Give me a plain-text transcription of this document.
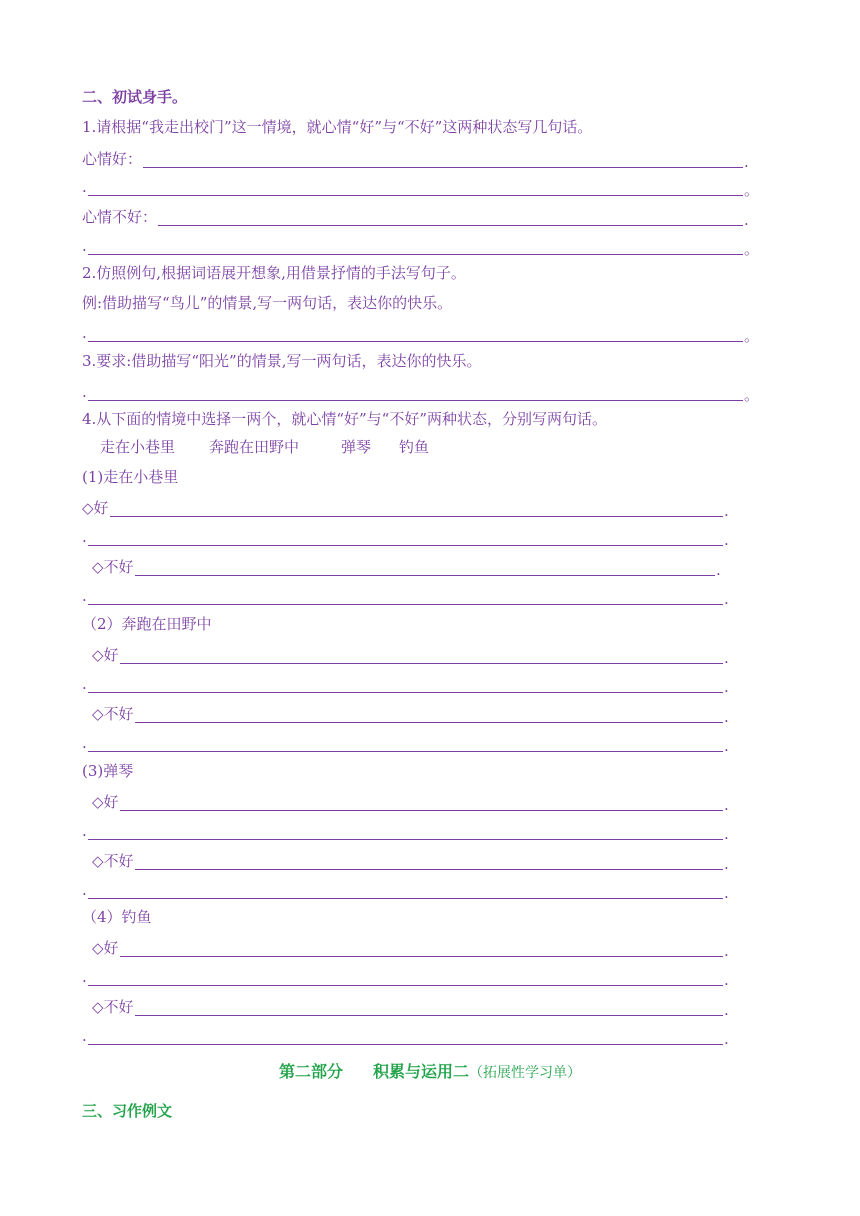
二、初试身手。
1.请根据“我走出校门”这一情境，就心情“好”与“不好”这两种状态写几句话。
心情好：	.
.	。
心情不好：	.
.	。
2.仿照例句,根据词语展开想象,用借景抒情的手法写句子。
例:借助描写“鸟儿”的情景,写一两句话，表达你的快乐。
.	。
3.要求:借助描写“阳光”的情景,写一两句话，表达你的快乐。
.	。
4.从下面的情境中选择一两个，就心情“好”与“不好”两种状态，分别写两句话。
走在小巷里 奔跑在田野中	弹琴 钓鱼
(1)走在小巷里
◇好	.
.	.
◇不好	.
.	.
（2）奔跑在田野中
◇好	.
.	.
◇不好	.
.	.
(3)弹琴
◇好	.
.	.
◇不好	.
.	.
（4）钓鱼
◇好	.
.	.
◇不好	.
.	.
第二部分 积累与运用二（拓展性学习单）
三、习作例文
